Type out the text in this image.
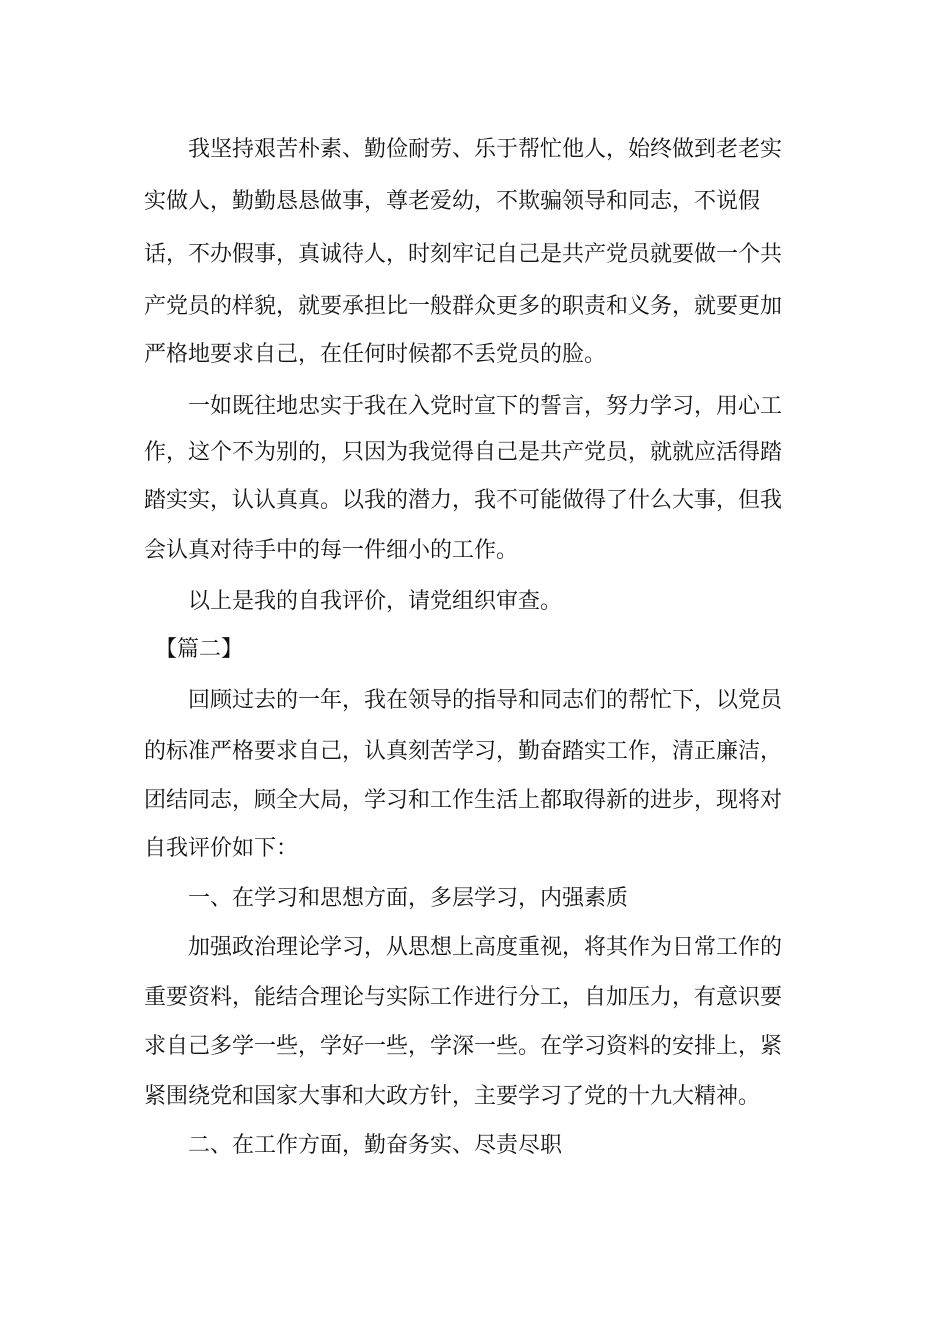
　　我坚持艰苦朴素、勤俭耐劳、乐于帮忙他人，始终做到老老实

实做人，勤勤恳恳做事，尊老爱幼，不欺骗领导和同志，不说假

话，不办假事，真诚待人，时刻牢记自己是共产党员就要做一个共

产党员的样貌，就要承担比一般群众更多的职责和义务，就要更加

严格地要求自己，在任何时候都不丢党员的脸。

　　一如既往地忠实于我在入党时宣下的誓言，努力学习，用心工

作，这个不为别的，只因为我觉得自己是共产党员，就就应活得踏

踏实实，认认真真。以我的潜力，我不可能做得了什么大事，但我

会认真对待手中的每一件细小的工作。

　　以上是我的自我评价，请党组织审查。

　【篇二】

　　回顾过去的一年，我在领导的指导和同志们的帮忙下，以党员

的标准严格要求自己，认真刻苦学习，勤奋踏实工作，清正廉洁，

团结同志，顾全大局，学习和工作生活上都取得新的进步，现将对

自我评价如下：

　　一、在学习和思想方面，多层学习，内强素质

　　加强政治理论学习，从思想上高度重视，将其作为日常工作的

重要资料，能结合理论与实际工作进行分工，自加压力，有意识要

求自己多学一些，学好一些，学深一些。在学习资料的安排上，紧

紧围绕党和国家大事和大政方针，主要学习了党的十九大精神。

　　二、在工作方面，勤奋务实、尽责尽职
